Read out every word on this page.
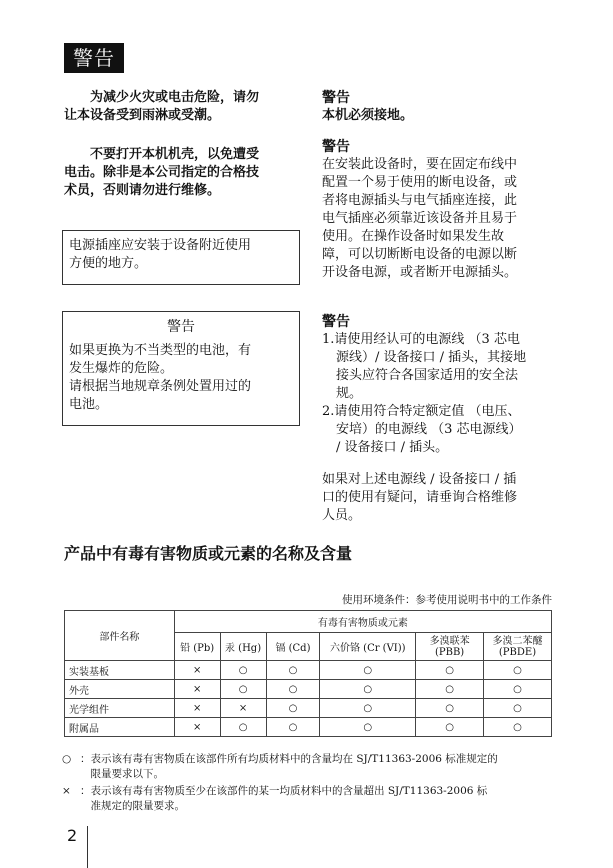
警告
　　为减少火灾或电击危险，请勿
让本设备受到雨淋或受潮。
　　不要打开本机机壳，以免遭受
电击。除非是本公司指定的合格技
术员，否则请勿进行维修。
电源插座应安装于设备附近使用
方便的地方。
警告
如果更换为不当类型的电池，有
发生爆炸的危险。
请根据当地规章条例处置用过的
电池。
警告
本机必须接地。
警告
在安装此设备时，要在固定布线中
配置一个易于使用的断电设备，或
者将电源插头与电气插座连接，此
电气插座必须靠近该设备并且易于
使用。在操作设备时如果发生故
障，可以切断断电设备的电源以断
开设备电源，或者断开电源插头。
警告
1.请使用经认可的电源线 （3 芯电
源线）/ 设备接口 / 插头，其接地
接头应符合各国家适用的安全法
规。
2.请使用符合特定额定值 （电压、
安培）的电源线 （3 芯电源线）
/ 设备接口 / 插头。
如果对上述电源线 / 设备接口 / 插
口的使用有疑问，请垂询合格维修
人员。
产品中有毒有害物质或元素的名称及含量
使用环境条件：参考使用说明书中的工作条件
部件名称	有毒有害物质或元素					
	铅 (Pb)	汞 (Hg)	镉 (Cd)	六价铬 (Cr (VI))	多溴联苯
(PBB)	多溴二苯醚
(PBDE)
实装基板	×	○	○	○	○	○
外壳	×	○	○	○	○	○
光学组件	×	×	○	○	○	○
附属品	×	○	○	○	○	○
○ ：表示该有毒有害物质在该部件所有均质材料中的含量均在 SJ/T11363-2006 标准规定的
　限量要求以下。
× ：表示该有毒有害物质至少在该部件的某一均质材料中的含量超出 SJ/T11363-2006 标
　准规定的限量要求。
2
